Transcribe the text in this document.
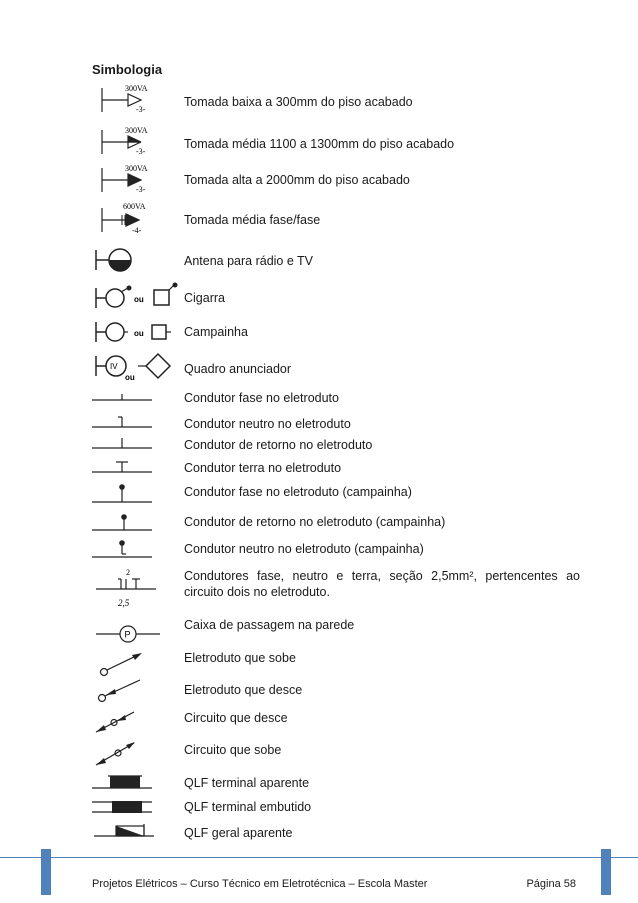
Simbologia
300VA
-3-
Tomada baixa a 300mm do piso acabado
300VA
-3-
Tomada média 1100 a 1300mm do piso acabado
300VA
-3-
Tomada alta a 2000mm do piso acabado
600VA
-4-
Tomada média fase/fase
Antena para rádio e TV
ou	Cigarra
ou	Campainha
IV
ou
Quadro anunciador
Condutor fase no eletroduto
Condutor neutro no eletroduto
Condutor de retorno no eletroduto
Condutor terra no eletroduto
Condutor fase no eletroduto (campainha)
Condutor de retorno no eletroduto (campainha)
Condutor neutro no eletroduto (campainha)
2
2,5
Condutores fase, neutro e terra, seção 2,5mm², pertencentes ao circuito dois no eletroduto.
P
Caixa de passagem na parede
Eletroduto que sobe
Eletroduto que desce
Circuito que desce
Circuito que sobe
QLF terminal aparente
QLF terminal embutido
QLF geral aparente
Projetos Elétricos – Curso Técnico em Eletrotécnica – Escola Master	Página 58
